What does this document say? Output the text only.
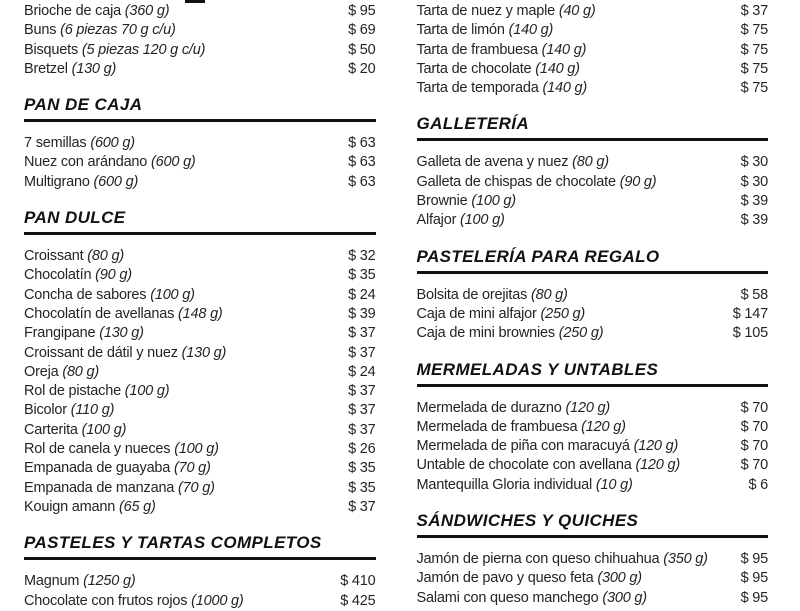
Brioche de caja (360 g)	$ 95
Buns (6 piezas 70 g c/u)	$ 69
Bisquets (5 piezas 120 g c/u)	$ 50
Bretzel (130 g)	$ 20
PAN DE CAJA
7 semillas (600 g)	$ 63
Nuez con arándano (600 g)	$ 63
Multigrano (600 g)	$ 63
PAN DULCE
Croissant (80 g)	$ 32
Chocolatín (90 g)	$ 35
Concha de sabores (100 g)	$ 24
Chocolatín de avellanas (148 g)	$ 39
Frangipane (130 g)	$ 37
Croissant de dátil y nuez (130 g)	$ 37
Oreja (80 g)	$ 24
Rol de pistache (100 g)	$ 37
Bicolor (110 g)	$ 37
Carterita (100 g)	$ 37
Rol de canela y nueces (100 g)	$ 26
Empanada de guayaba (70 g)	$ 35
Empanada de manzana (70 g)	$ 35
Kouign amann (65 g)	$ 37
PASTELES Y TARTAS COMPLETOS
Magnum (1250 g)	$ 410
Chocolate con frutos rojos (1000 g)	$ 425
Tarta de nuez y maple (40 g)	$ 37
Tarta de limón (140 g)	$ 75
Tarta de frambuesa (140 g)	$ 75
Tarta de chocolate (140 g)	$ 75
Tarta de temporada (140 g)	$ 75
GALLETERÍA
Galleta de avena y nuez (80 g)	$ 30
Galleta de chispas de chocolate (90 g)	$ 30
Brownie (100 g)	$ 39
Alfajor (100 g)	$ 39
PASTELERÍA PARA REGALO
Bolsita de orejitas (80 g)	$ 58
Caja de mini alfajor (250 g)	$ 147
Caja de mini brownies (250 g)	$ 105
MERMELADAS Y UNTABLES
Mermelada de durazno (120 g)	$ 70
Mermelada de frambuesa (120 g)	$ 70
Mermelada de piña con maracuyá (120 g)	$ 70
Untable de chocolate con avellana (120 g)	$ 70
Mantequilla Gloria individual (10 g)	$ 6
SÁNDWICHES Y QUICHES
Jamón de pierna con queso chihuahua (350 g)	$ 95
Jamón de pavo y queso feta (300 g)	$ 95
Salami con queso manchego (300 g)	$ 95
